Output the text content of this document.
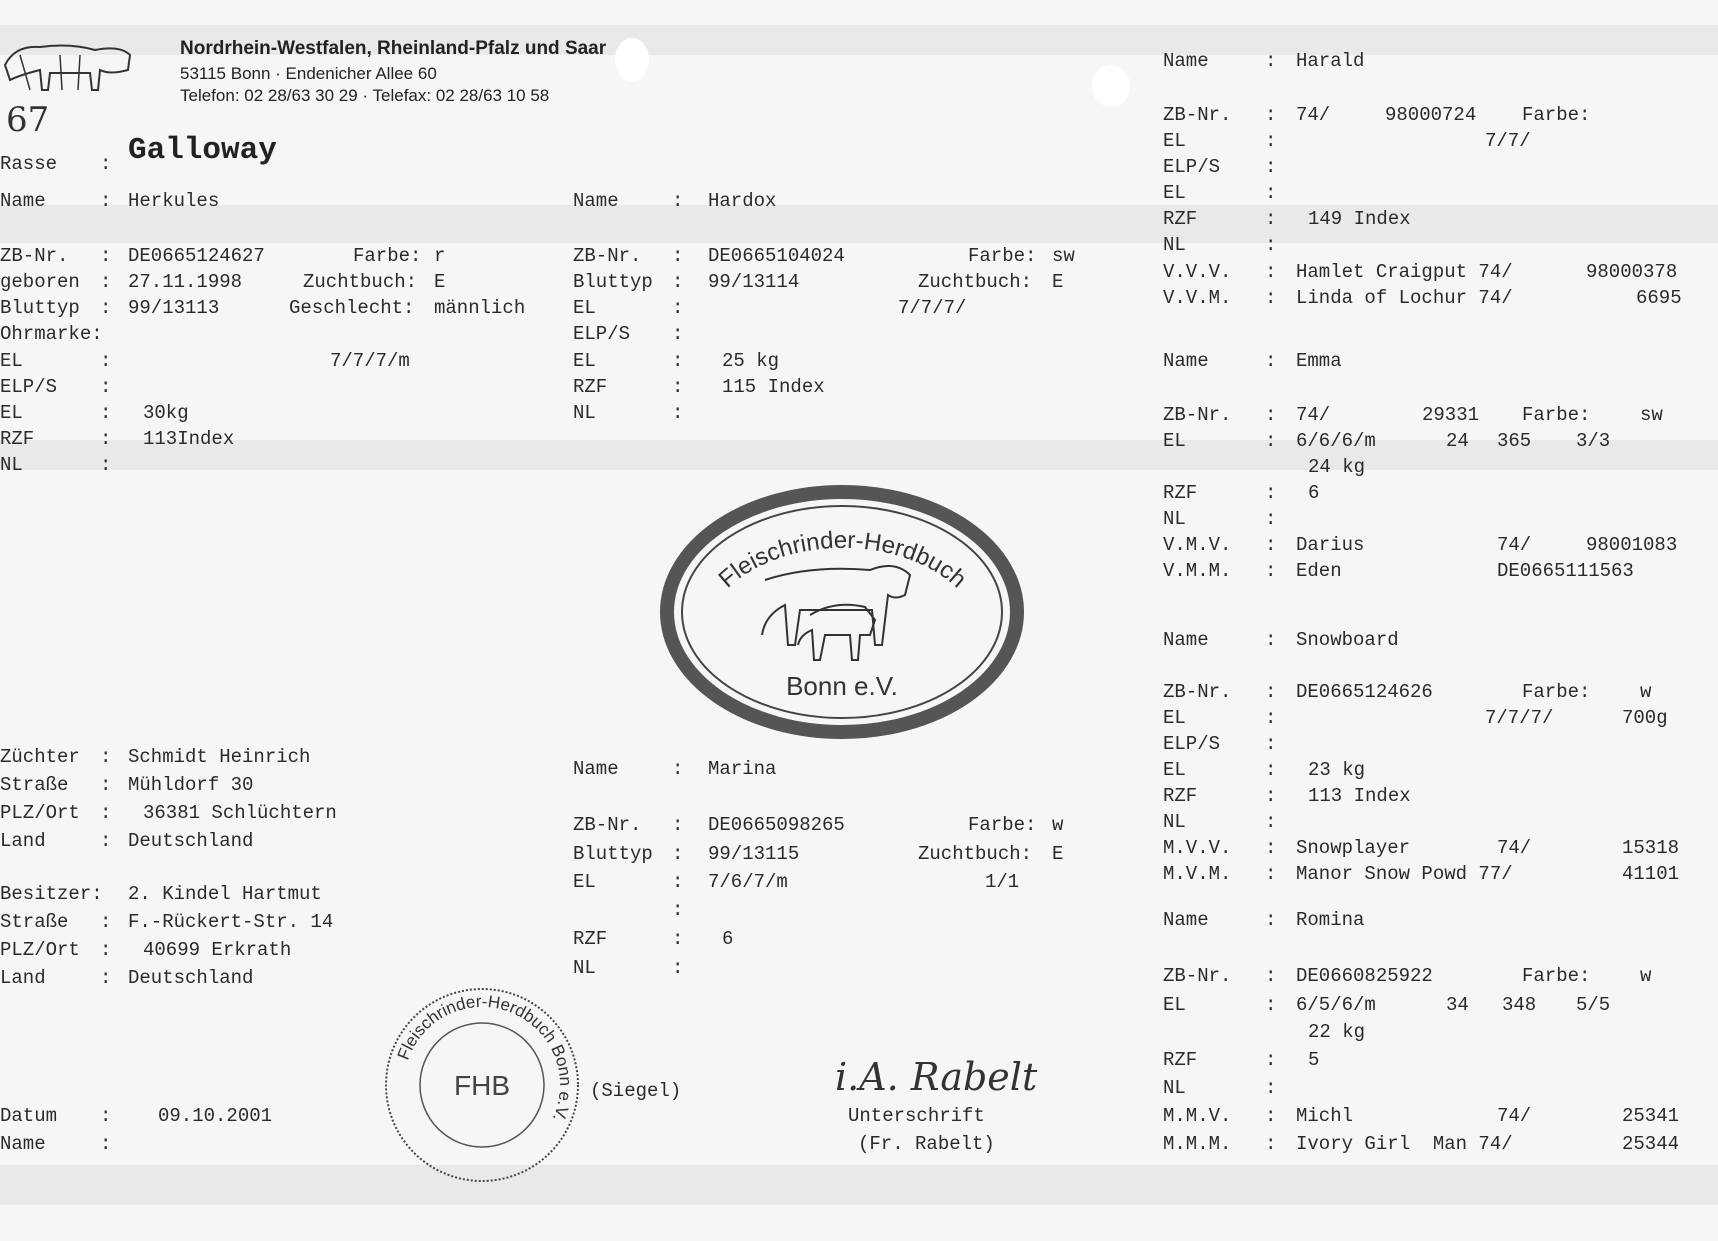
Nordrhein-Westfalen, Rheinland-Pfalz und Saar
53115 Bonn · Endenicher Allee 60
Telefon: 02 28/63 30 29 · Telefax: 02 28/63 10 58
67
Rasse : Galloway
Name	: Herkules
ZB-Nr. : DE0665124627	Farbe: r
geboren : 27.11.1998	Zuchtbuch: E
Bluttyp : 99/13113	Geschlecht: männlich
Ohrmarke:
EL	:	7/7/7/m
ELP/S :
EL	: 30kg
RZF	: 113Index
NL	:
Züchter : Schmidt Heinrich
Straße : Mühldorf 30
PLZ/Ort : 36381 Schlüchtern
Land	: Deutschland
Besitzer: 2. Kindel Hartmut
Straße : F.-Rückert-Str. 14
PLZ/Ort : 40699 Erkrath
Land	: Deutschland
Datum : 09.10.2001
Name	:
Name	: Hardox
ZB-Nr. : DE0665104024	Farbe: sw
Bluttyp : 99/13114	Zuchtbuch: E
EL	:	7/7/7/
ELP/S :
EL	: 25 kg
RZF	: 115 Index
NL	:
Name	: Marina
ZB-Nr. : DE0665098265	Farbe: w
Bluttyp : 99/13115	Zuchtbuch: E
EL	: 7/6/7/m	1/1
:
RZF	: 6
NL	:
Fleischrinder-Herdbuch
Bonn e.V.
Name	: Harald
ZB-Nr. : 74/	98000724 Farbe:
EL	:	7/7/
ELP/S :
EL	:
RZF	: 149 Index
NL	:
V.V.V. : Hamlet Craigput 74/	98000378
V.V.M. : Linda of Lochur 74/	6695
Name	: Emma
ZB-Nr. : 74/	29331 Farbe:	sw
EL	: 6/6/6/m	24 365 3/3
24 kg
RZF	: 6
NL	:
V.M.V. : Darius	74/	98001083
V.M.M. : Eden	DE0665111563
Name	: Snowboard
ZB-Nr. : DE0665124626	Farbe:	w
EL	:	7/7/7/	700g
ELP/S :
EL	: 23 kg
RZF	: 113 Index
NL	:
M.V.V. : Snowplayer	74/	15318
M.V.M. : Manor Snow Powd 77/	41101
Name	: Romina
ZB-Nr. : DE0660825922	Farbe:	w
EL	: 6/5/6/m	34 348 5/5
22 kg
RZF	: 5
NL	:
M.M.V. : Michl	74/	25341
M.M.M. : Ivory Girl  Man 74/	25344
Fleischrinder-Herdbuch Bonn e.V.
FHB	(Siegel)	i.A. Rabelt
Unterschrift
(Fr. Rabelt)
